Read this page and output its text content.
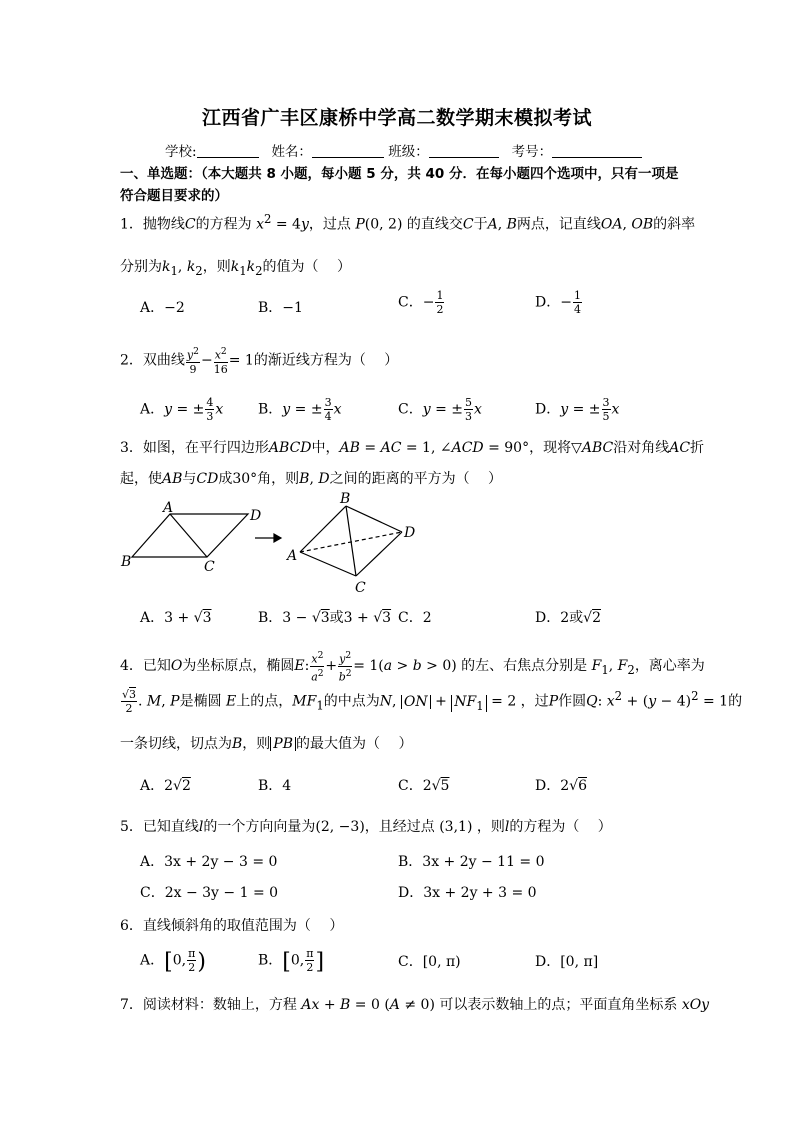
江西省广丰区康桥中学高二数学期末模拟考试
学校:	姓名：	班级：	考号：
一、单选题：（本大题共 8 小题，每小题 5 分，共 40 分．在每小题四个选项中，只有一项是符合题目要求的）
1．抛物线C的方程为 $x^2 = 4y$，过点 P(0, 2) 的直线交C于A, B两点，记直线OA, OB的斜率
分别为$k_1$, $k_2$，则$k_1k_2$的值为（　 ）
A．−2	B．−1	C．− $\frac{1}{2}$	D．− $\frac{1}{4}$
2．双曲线 $\frac{y^2}{9} - \frac{x^2}{16} = 1$的渐近线方程为（　 ）
A．y = ± $\frac{4}{3}$ x B．y = ± $\frac{3}{4}$ x	C．y = ± $\frac{5}{3}$ x	D．y = ± $\frac{3}{5}$ x
3．如图，在平行四边形ABCD中，AB = AC = 1, ∠ACD = 90°，现将▽ABC沿对角线AC折
起，使AB与CD成30°角，则B, D之间的距离的平方为（　 ）
A	D
B	C
B
D
A
C
A．3 + √3	B．3 − √3或3 + √3 C．2	D．2或√2
4．已知O为坐标原点，椭圆E: $\frac{x^2}{a^2} + \frac{y^2}{b^2} = 1(a > b > 0)$ 的左、右焦点分别是 $F_1$, $F_2$，离心率为
$\frac{√3}{2}$ . M, P是椭圆 E上的点，$MF_1$的中点为N, ON + $NF_1 = 2$ ，过P作圆Q: $x^2 + (y - 4)^2 = 1$的
一条切线，切点为B，则 PB 的最大值为（　 ）
A．2√2	B．4	C．2√5	D．2√6
5．已知直线l的一个方向向量为(2, −3)，且经过点 (3,1) ，则l的方程为（　 ）
A．3x + 2y − 3 = 0	B．3x + 2y − 11 = 0
C．2x − 3y − 1 = 0	D．3x + 2y + 3 = 0
6．直线倾斜角的取值范围为（　 ）
A．[0, $\frac{\pi}{2}$ )	B．[0, $\frac{\pi}{2}$ ]	C．[0, π)	D．[0, π]
7．阅读材料：数轴上，方程 Ax + B = 0 (A ≠ 0) 可以表示数轴上的点；平面直角坐标系 xOy
